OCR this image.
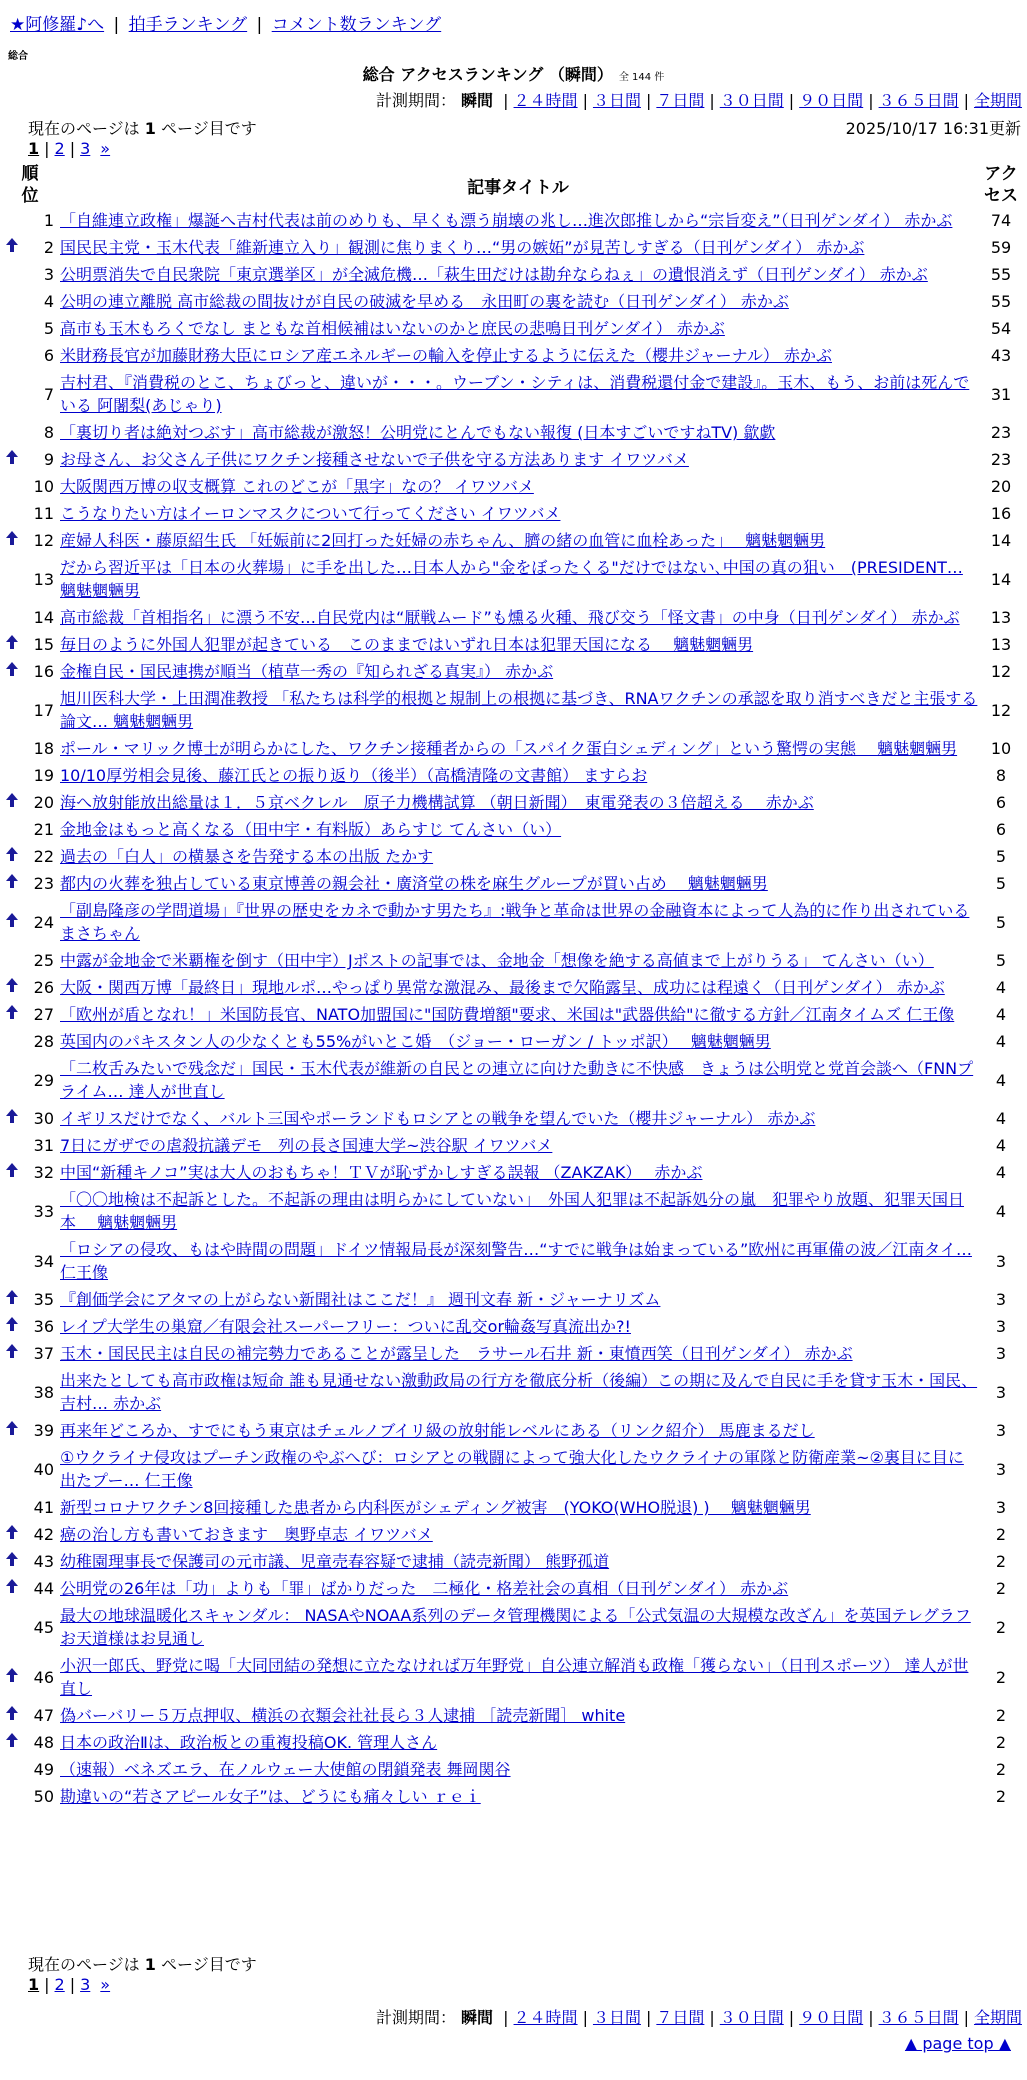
★阿修羅♪へ | 拍手ランキング | コメント数ランキング
総合
総合 アクセスランキング （瞬間） 全 144 件
計測期間： 瞬間 | ２４時間 | ３日間 | ７日間 | ３０日間 | ９０日間 | ３６５日間 | 全期間
現在のページは 1 ページ目です	2025/10/17 16:31更新
1 | 2 | 3 »
順位		記事タイトル	アクセス
	1	「自維連立政権」爆誕へ吉村代表は前のめりも、早くも漂う崩壊の兆し…進次郎推しから“宗旨変え”（日刊ゲンダイ） 赤かぶ	74
	2	国民民主党・玉木代表「維新連立入り」観測に焦りまくり…“男の嫉妬”が見苦しすぎる（日刊ゲンダイ） 赤かぶ	59
	3	公明票消失で自民衆院「東京選挙区」が全滅危機…「萩生田だけは勘弁ならねぇ」の遺恨消えず（日刊ゲンダイ） 赤かぶ	55
	4	公明の連立離脱 高市総裁の間抜けが自民の破滅を早める　永田町の裏を読む（日刊ゲンダイ） 赤かぶ	55
	5	高市も玉木もろくでなし まともな首相候補はいないのかと庶民の悲鳴日刊ゲンダイ） 赤かぶ	54
	6	米財務長官が加藤財務大臣にロシア産エネルギーの輸入を停止するように伝えた（櫻井ジャーナル） 赤かぶ	43
	7	吉村君、『消費税のとこ、ちょびっと、違いが・・・。ウーブン・シティは、消費税還付金で建設』。玉木、もう、お前は死んでいる 阿闍梨(あじゃり)	31
	8	「裏切り者は絶対つぶす」高市総裁が激怒！公明党にとんでもない報復 (日本すごいですねTV) 歙歔	23
	9	お母さん、お父さん子供にワクチン接種させないで子供を守る方法あります イワツバメ	23
	10	大阪関西万博の収支概算 これのどこが「黒字」なの？ イワツバメ	20
	11	こうなりたい方はイーロンマスクについて行ってください イワツバメ	16
	12	産婦人科医・藤原紹生氏 「妊娠前に2回打った妊婦の赤ちゃん、臍の緒の血管に血栓あった」　 魑魅魍魎男	14
	13	だから習近平は「日本の火葬場」に手を出した…日本人から"金をぼったくる"だけではない､中国の真の狙い　(PRESIDENT… 魑魅魍魎男	14
	14	高市総裁「首相指名」に漂う不安…自民党内は“厭戦ムード”も燻る火種、飛び交う「怪文書」の中身（日刊ゲンダイ） 赤かぶ	13
	15	毎日のように外国人犯罪が起きている　このままではいずれ日本は犯罪天国になる　 魑魅魍魎男	13
	16	金権自民・国民連携が順当（植草一秀の『知られざる真実』） 赤かぶ	12
	17	旭川医科大学・上田潤准教授 「私たちは科学的根拠と規制上の根拠に基づき、RNAワクチンの承認を取り消すべきだと主張する論文… 魑魅魍魎男	12
	18	ポール・マリック博士が明らかにした、ワクチン接種者からの「スパイク蛋白シェディング」という驚愕の実態　 魑魅魍魎男	10
	19	10/10厚労相会見後、藤江氏との振り返り（後半）（高橋清隆の文書館） ますらお	8
	20	海へ放射能放出総量は１．５京ベクレル　原子力機構試算 （朝日新聞）　東電発表の３倍超える　 赤かぶ	6
	21	金地金はもっと高くなる（田中宇・有料版）あらすじ てんさい（い）	6
	22	過去の「白人」の横暴さを告発する本の出版 たかす	5
	23	都内の火葬を独占している東京博善の親会社・廣済堂の株を麻生グループが買い占め　 魑魅魍魎男	5
	24	「副島隆彦の学問道場」『世界の歴史をカネで動かす男たち』:戦争と革命は世界の金融資本によって人為的に作り出されている まさちゃん	5
	25	中露が金地金で米覇権を倒す（田中宇）Jポストの記事では、金地金「想像を絶する高値まで上がりうる」 てんさい（い）	5
	26	大阪・関西万博「最終日」現地ルポ…やっぱり異常な激混み、最後まで欠陥露呈、成功には程遠く（日刊ゲンダイ） 赤かぶ	4
	27	「欧州が盾となれ！」米国防長官、NATO加盟国に"国防費増額"要求、米国は"武器供給"に徹する方針／江南タイムズ 仁王像	4
	28	英国内のパキスタン人の少なくとも55%がいとこ婚　（ジョー・ローガン / トッポ訳）　 魑魅魍魎男	4
	29	「二枚舌みたいで残念だ」国民・玉木代表が維新の自民との連立に向けた動きに不快感　きょうは公明党と党首会談へ（FNNプライム… 達人が世直し	4
	30	イギリスだけでなく、バルト三国やポーランドもロシアとの戦争を望んでいた（櫻井ジャーナル） 赤かぶ	4
	31	7日にガザでの虐殺抗議デモ　列の長さ国連大学~渋谷駅 イワツバメ	4
	32	中国“新種キノコ”実は大人のおもちゃ！ＴＶが恥ずかしすぎる誤報 （ZAKZAK）　 赤かぶ	4
	33	「〇〇地検は不起訴とした。不起訴の理由は明らかにしていない」　外国人犯罪は不起訴処分の嵐　犯罪やり放題、犯罪天国日本　 魑魅魍魎男	4
	34	「ロシアの侵攻、もはや時間の問題」ドイツ情報局長が深刻警告…“すでに戦争は始まっている”欧州に再軍備の波／江南タイ… 仁王像	3
	35	『創価学会にアタマの上がらない新聞社はここだ！』 週刊文春 新・ジャーナリズム	3
	36	レイプ大学生の巣窟／有限会社スーパーフリー：ついに乱交or輪姦写真流出か?!	3
	37	玉木・国民民主は自民の補完勢力であることが露呈した　ラサール石井 新・東憤西笑（日刊ゲンダイ） 赤かぶ	3
	38	出来たとしても高市政権は短命 誰も見通せない激動政局の行方を徹底分析（後編）この期に及んで自民に手を貸す玉木・国民、吉村… 赤かぶ	3
	39	再来年どころか、すでにもう東京はチェルノブイリ級の放射能レベルにある（リンク紹介） 馬鹿まるだし	3
	40	①ウクライナ侵攻はプーチン政権のやぶへび：ロシアとの戦闘によって強大化したウクライナの軍隊と防衛産業~②裏目に目に出たプー… 仁王像	3
	41	新型コロナワクチン8回接種した患者から内科医がシェディング被害　(YOKO(WHO脱退) )　 魑魅魍魎男	3
	42	癌の治し方も書いておきます　奥野卓志 イワツバメ	2
	43	幼稚園理事長で保護司の元市議、児童売春容疑で逮捕（読売新聞） 熊野孤道	2
	44	公明党の26年は「功」よりも「罪」ばかりだった　二極化・格差社会の真相（日刊ゲンダイ） 赤かぶ	2
	45	最大の地球温暖化スキャンダル： NASAやNOAA系列のデータ管理機関による「公式気温の大規模な改ざん」を英国テレグラフお天道様はお見通し	2
	46	小沢一郎氏、野党に喝「大同団結の発想に立たなければ万年野党」自公連立解消も政権「獲らない」（日刊スポーツ） 達人が世直し	2
	47	偽バーバリー５万点押収、横浜の衣類会社社長ら３人逮捕 ［読売新聞］ white	2
	48	日本の政治Ⅱは、政治板との重複投稿OK. 管理人さん	2
	49	（速報）ベネズエラ、在ノルウェー大使館の閉鎖発表 舞岡関谷	2
	50	勘違いの“若さアピール女子”は、どうにも痛々しい ｒｅｉ	2
現在のページは 1 ページ目です
1 | 2 | 3 »
計測期間： 瞬間 | ２４時間 | ３日間 | ７日間 | ３０日間 | ９０日間 | ３６５日間 | 全期間
▲ page top ▲
